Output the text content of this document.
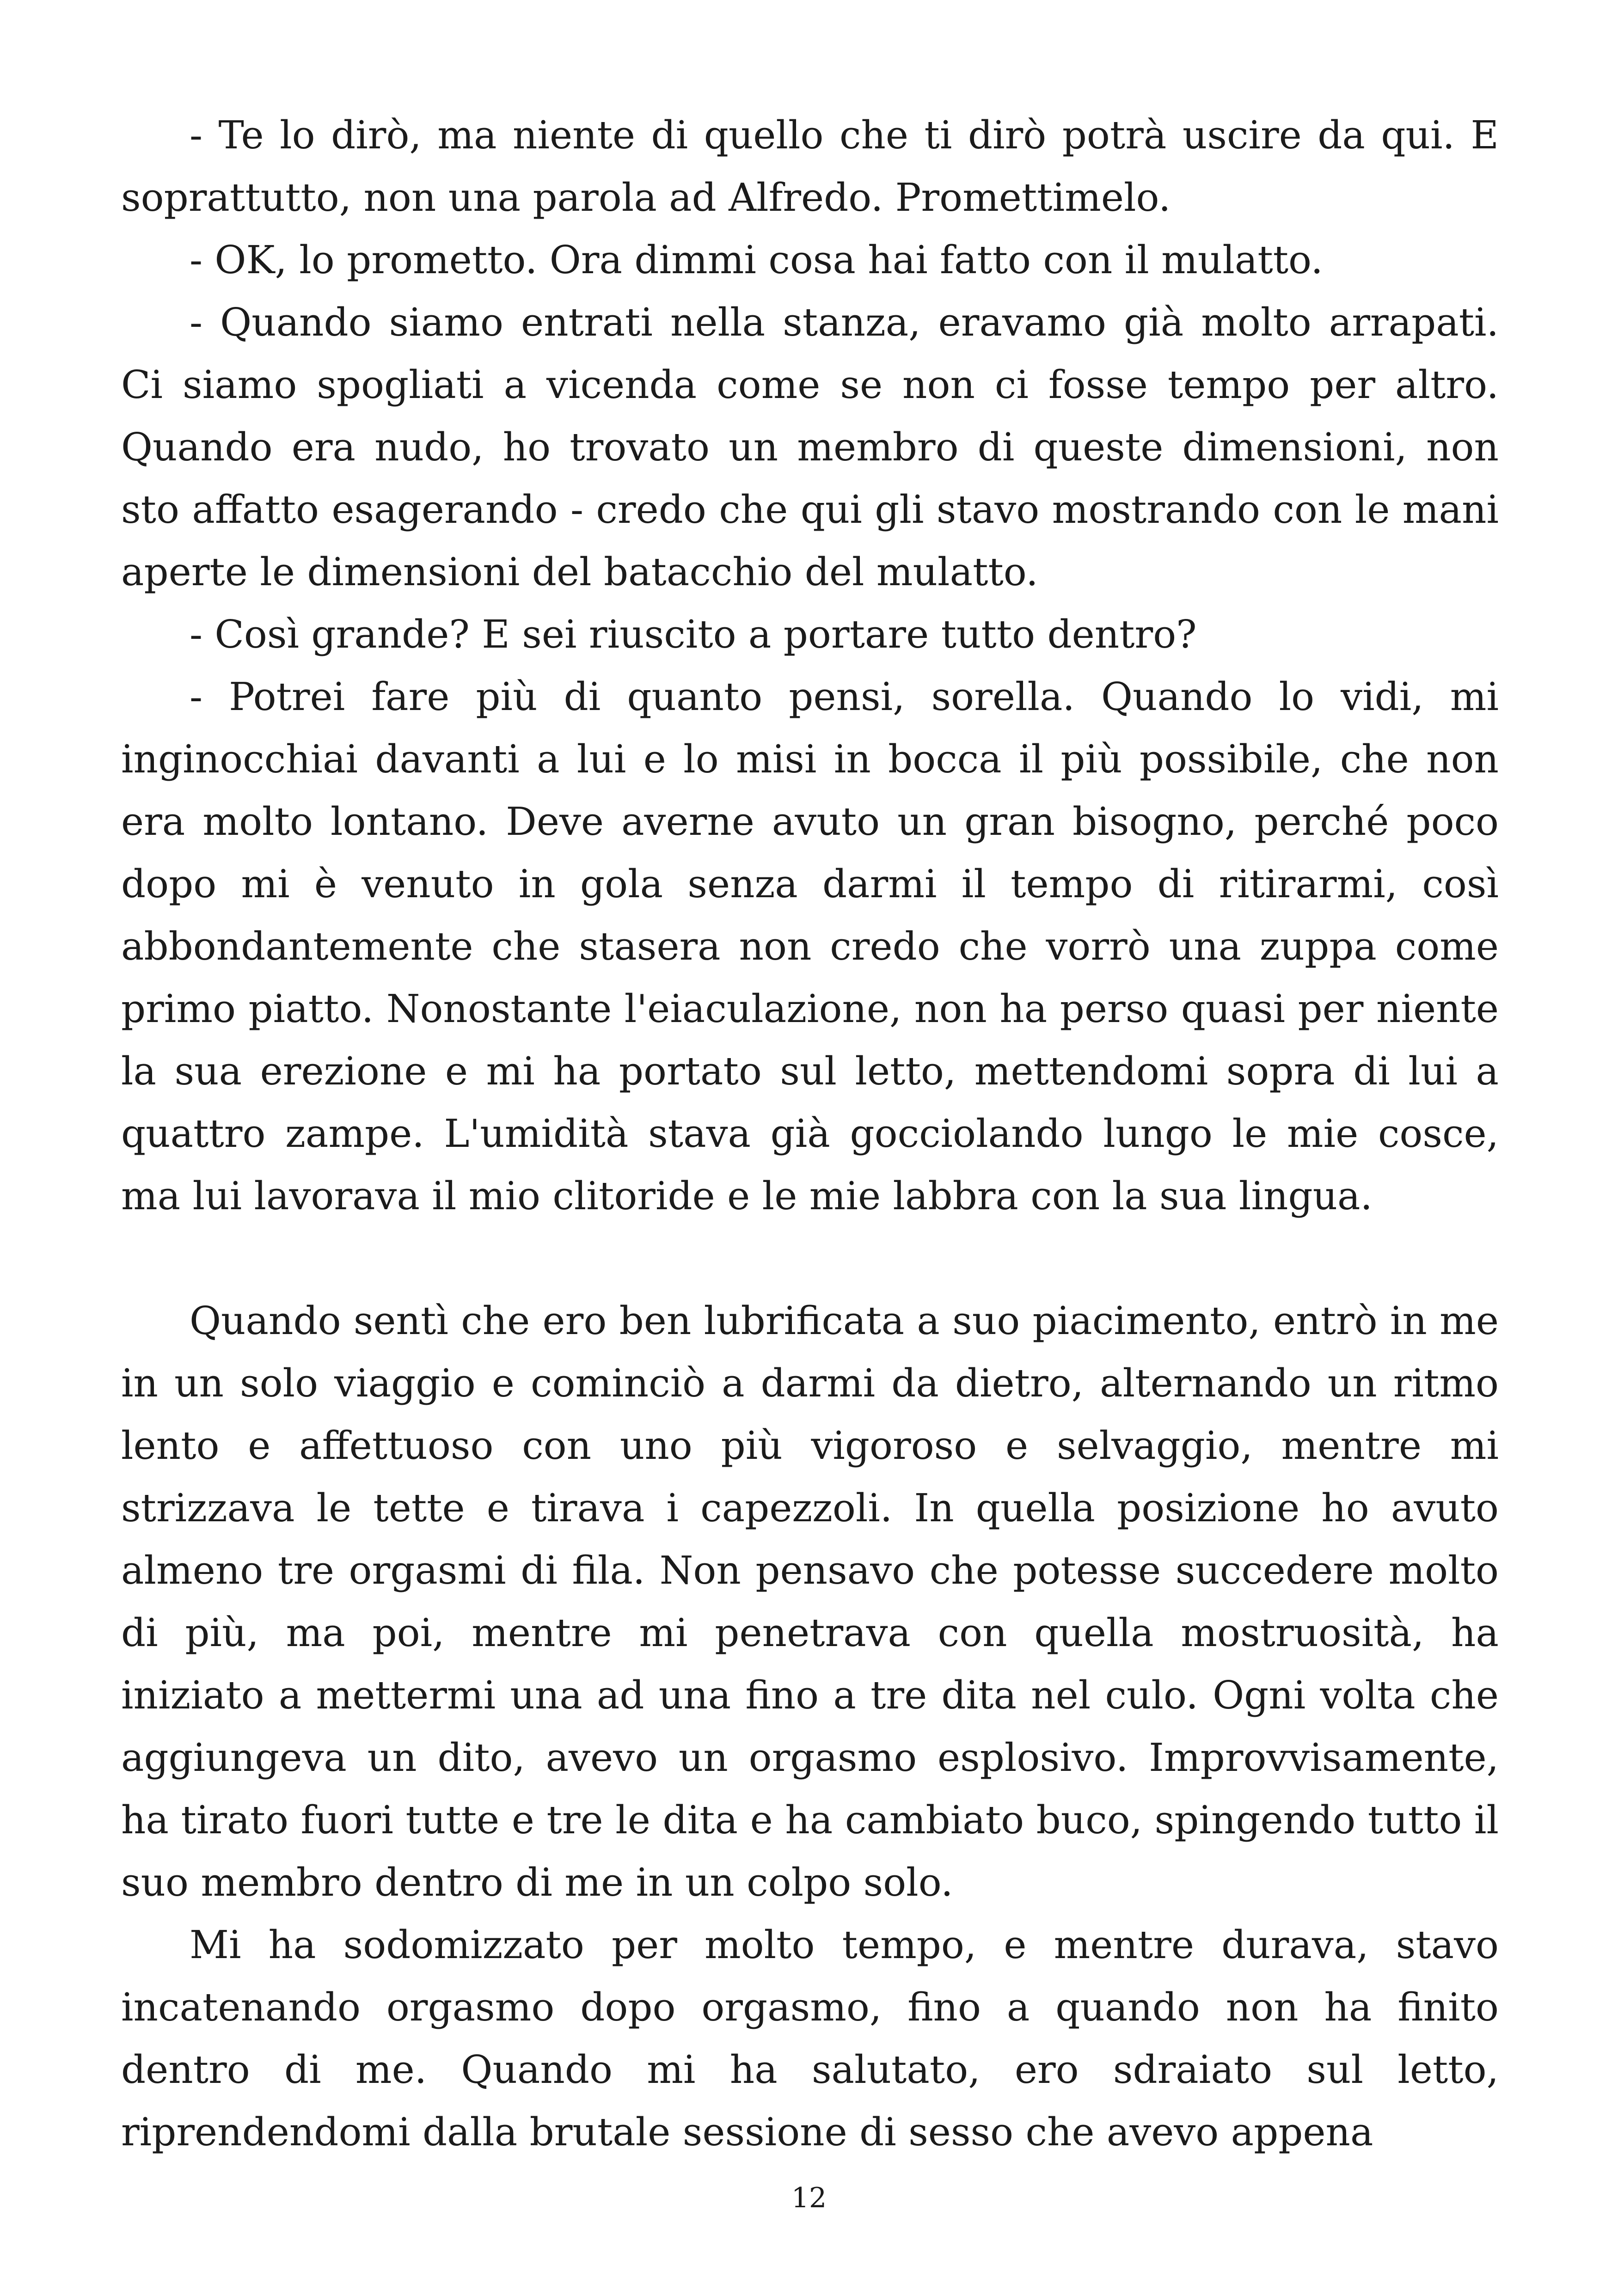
- Te lo dirò, ma niente di quello che ti dirò potrà uscire da qui. E soprattutto, non una parola ad Alfredo. Promettimelo.

- OK, lo prometto. Ora dimmi cosa hai fatto con il mulatto.

- Quando siamo entrati nella stanza, eravamo già molto arrapati. Ci siamo spogliati a vicenda come se non ci fosse tempo per altro. Quando era nudo, ho trovato un membro di queste dimensioni, non sto affatto esagerando - credo che qui gli stavo mostrando con le mani aperte le dimensioni del batacchio del mulatto.

- Così grande? E sei riuscito a portare tutto dentro?

- Potrei fare più di quanto pensi, sorella. Quando lo vidi, mi inginocchiai davanti a lui e lo misi in bocca il più possibile, che non era molto lontano. Deve averne avuto un gran bisogno, perché poco dopo mi è venuto in gola senza darmi il tempo di ritirarmi, così abbondantemente che stasera non credo che vorrò una zuppa come primo piatto. Nonostante l'eiaculazione, non ha perso quasi per niente la sua erezione e mi ha portato sul letto, mettendomi sopra di lui a quattro zampe. L'umidità stava già gocciolando lungo le mie cosce, ma lui lavorava il mio clitoride e le mie labbra con la sua lingua.

Quando sentì che ero ben lubrificata a suo piacimento, entrò in me in un solo viaggio e cominciò a darmi da dietro, alternando un ritmo lento e affettuoso con uno più vigoroso e selvaggio, mentre mi strizzava le tette e tirava i capezzoli. In quella posizione ho avuto almeno tre orgasmi di fila. Non pensavo che potesse succedere molto di più, ma poi, mentre mi penetrava con quella mostruosità, ha iniziato a mettermi una ad una fino a tre dita nel culo. Ogni volta che aggiungeva un dito, avevo un orgasmo esplosivo. Improvvisamente, ha tirato fuori tutte e tre le dita e ha cambiato buco, spingendo tutto il suo membro dentro di me in un colpo solo.

Mi ha sodomizzato per molto tempo, e mentre durava, stavo incatenando orgasmo dopo orgasmo, fino a quando non ha finito dentro di me. Quando mi ha salutato, ero sdraiato sul letto, riprendendomi dalla brutale sessione di sesso che avevo appena

12
